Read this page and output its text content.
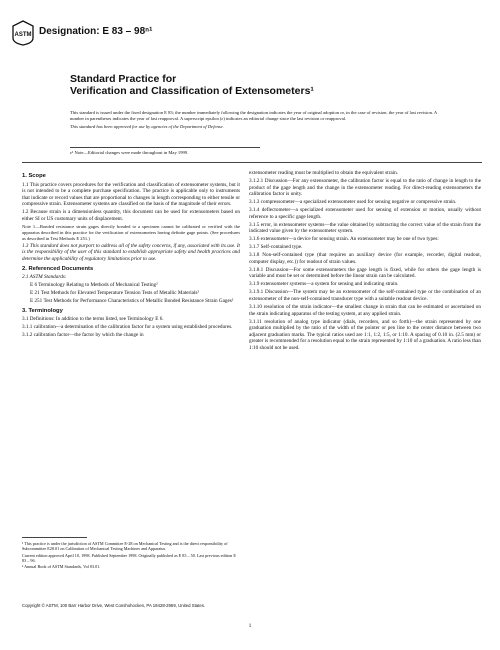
ASTM Designation: E 83 – 98ⁿ¹
Standard Practice for
Verification and Classification of Extensometers¹

This standard is issued under the fixed designation E 83; the number immediately following the designation indicates the year of original adoption or, in the case of revision, the year of last revision. A number in parentheses indicates the year of last reapproval. A superscript epsilon (ε) indicates an editorial change since the last revision or reapproval.

This standard has been approved for use by agencies of the Department of Defense.

ε¹ Note—Editorial changes were made throughout in May 1999.
1. Scope

1.1 This practice covers procedures for the verification and classification of extensometer systems, but it is not intended to be a complete purchase specification. The practice is applicable only to instruments that indicate or record values that are proportional to changes in length corresponding to either tensile or compressive strain. Extensometer systems are classified on the basis of the magnitude of their errors.

1.2 Because strain is a dimensionless quantity, this document can be used for extensometers based on either SI or US customary units of displacement.

Note 1—Bonded resistance strain gages directly bonded to a specimen cannot be calibrated or verified with the apparatus described in this practice for the verification of extensometers having definite gage points. (See procedures as described in Test Methods E 251.)

1.3 This standard does not purport to address all of the safety concerns, if any, associated with its use. It is the responsibility of the user of this standard to establish appropriate safety and health practices and determine the applicability of regulatory limitations prior to use.

2. Referenced Documents

2.1 ASTM Standards:

E 6 Terminology Relating to Methods of Mechanical Testing²

E 21 Test Methods for Elevated Temperature Tension Tests of Metallic Materials²

E 251 Test Methods for Performance Characteristics of Metallic Bonded Resistance Strain Gages²

3. Terminology

3.1 Definitions: In addition to the terms listed, see Terminology E 6.

3.1.1 calibration—a determination of the calibration factor for a system using established procedures.

3.1.2 calibration factor—the factor by which the change in

extensometer reading must be multiplied to obtain the equivalent strain.

3.1.2.1 Discussion—For any extensometer, the calibration factor is equal to the ratio of change in length to the product of the gage length and the change in the extensometer reading. For direct-reading extensometers the calibration factor is unity.

3.1.3 compressometer—a specialized extensometer used for sensing negative or compressive strain.

3.1.4 deflectometer—a specialized extensometer used for sensing of extension or motion, usually without reference to a specific gage length.

3.1.5 error, in extensometer systems—the value obtained by subtracting the correct value of the strain from the indicated value given by the extensometer system.

3.1.6 extensometer—a device for sensing strain. An extensometer may be one of two types:

3.1.7 Self-contained type.

3.1.8 Non-self-contained type (that requires an auxiliary device (for example, recorder, digital readout, computer display, etc.)) for readout of strain values.

3.1.8.1 Discussion—For some extensometers the gage length is fixed, while for others the gage length is variable and must be set or determined before the linear strain can be calculated.

3.1.9 extensometer systems—a system for sensing and indicating strain.

3.1.9.1 Discussion—The system may be an extensometer of the self-contained type or the combination of an extensometer of the non-self-contained transducer type with a suitable readout device.

3.1.10 resolution of the strain indicator—the smallest change in strain that can be estimated or ascertained on the strain indicating apparatus of the testing system, at any applied strain.

3.1.11 resolution of analog type indicator (dials, recorders, and so forth)—the strain represented by one graduation multiplied by the ratio of the width of the pointer or pen line to the center distance between two adjacent graduation marks. The typical ratios used are 1:1, 1:2, 1:5, or 1:10. A spacing of 0.10 in. (2.5 mm) or greater is recommended for a resolution equal to the strain represented by 1:10 of a graduation. A ratio less than 1:10 should not be used.

¹ This practice is under the jurisdiction of ASTM Committee E-28 on Mechanical Testing and is the direct responsibility of Subcommittee E28.01 on Calibration of Mechanical Testing Machines and Apparatus.

Current edition approved April 10, 1998. Published September 1998. Originally published as E 83 – 50. Last previous edition E 83 – 96.

² Annual Book of ASTM Standards, Vol 03.01.

Copyright © ASTM, 100 Barr Harbor Drive, West Conshohocken, PA 19428-2959, United States.
1
